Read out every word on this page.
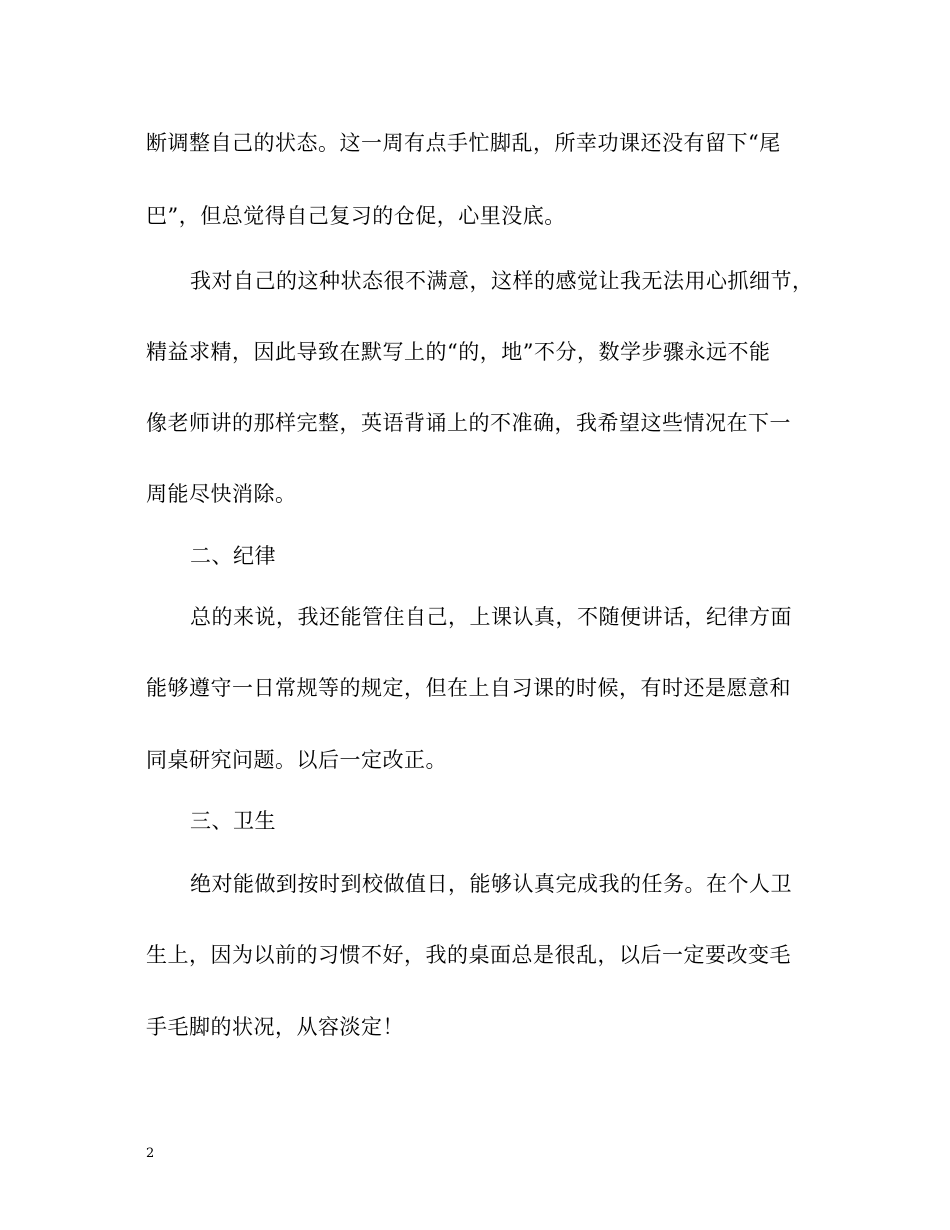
断调整自己的状态。这一周有点手忙脚乱，所幸功课还没有留下“尾
巴”，但总觉得自己复习的仓促，心里没底。
我对自己的这种状态很不满意，这样的感觉让我无法用心抓细节，
精益求精，因此导致在默写上的“的，地”不分，数学步骤永远不能
像老师讲的那样完整，英语背诵上的不准确，我希望这些情况在下一
周能尽快消除。
二、纪律
总的来说，我还能管住自己，上课认真，不随便讲话，纪律方面
能够遵守一日常规等的规定，但在上自习课的时候，有时还是愿意和
同桌研究问题。以后一定改正。
三、卫生
绝对能做到按时到校做值日，能够认真完成我的任务。在个人卫
生上，因为以前的习惯不好，我的桌面总是很乱，以后一定要改变毛
手毛脚的状况，从容淡定！
2
